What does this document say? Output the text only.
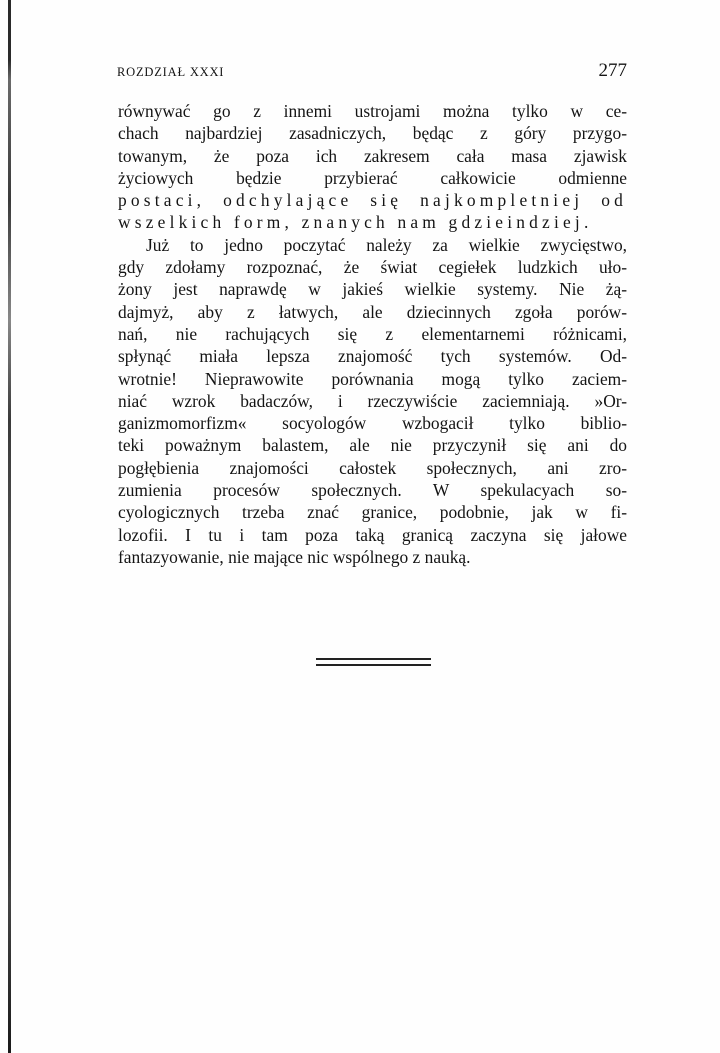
ROZDZIAŁ XXXI	277
równywać go z innemi ustrojami można tylko w ce-
chach najbardziej zasadniczych, będąc z góry przygo-
towanym, że poza ich zakresem cała masa zjawisk
życiowych będzie przybierać całkowicie odmienne
postaci, odchylające się najkompletniej od
wszelkich form, znanych nam gdzieindziej.
Już to jedno poczytać należy za wielkie zwycięstwo,
gdy zdołamy rozpoznać, że świat cegiełek ludzkich uło-
żony jest naprawdę w jakieś wielkie systemy. Nie żą-
dajmyż, aby z łatwych, ale dziecinnych zgoła porów-
nań, nie rachujących się z elementarnemi różnicami,
spłynąć miała lepsza znajomość tych systemów. Od-
wrotnie! Nieprawowite porównania mogą tylko zaciem-
niać wzrok badaczów, i rzeczywiście zaciemniają. »Or-
ganizmomorfizm« socyologów wzbogacił tylko biblio-
teki poważnym balastem, ale nie przyczynił się ani do
pogłębienia znajomości całostek społecznych, ani zro-
zumienia procesów społecznych. W spekulacyach so-
cyologicznych trzeba znać granice, podobnie, jak w fi-
lozofii. I tu i tam poza taką granicą zaczyna się jałowe
fantazyowanie, nie mające nic wspólnego z nauką.
